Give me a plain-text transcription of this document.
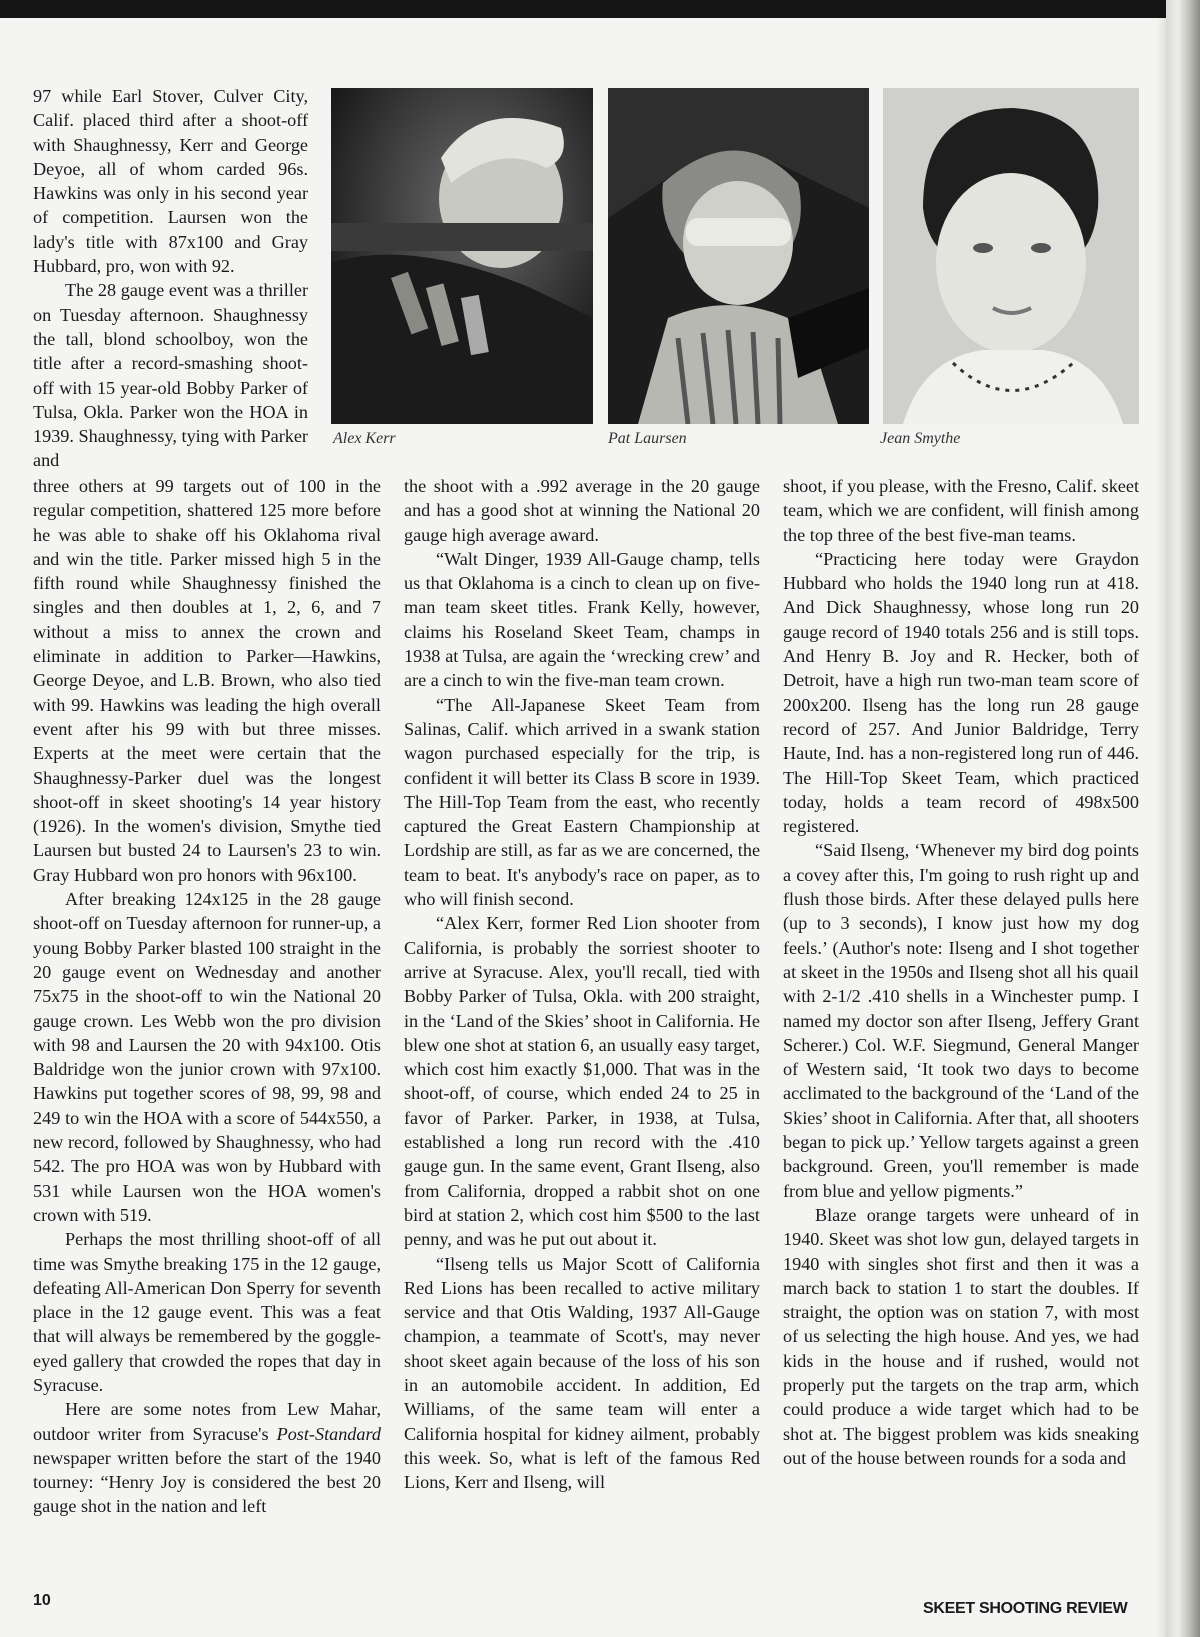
97 while Earl Stover, Culver City, Calif. placed third after a shoot-off with Shaughnessy, Kerr and George Deyoe, all of whom carded 96s. Hawkins was only in his second year of competition. Laursen won the lady's title with 87x100 and Gray Hubbard, pro, won with 92.

The 28 gauge event was a thriller on Tuesday afternoon. Shaughnessy the tall, blond schoolboy, won the title after a record-smashing shoot-off with 15 year-old Bobby Parker of Tulsa, Okla. Parker won the HOA in 1939. Shaughnessy, tying with Parker and

Alex Kerr	Pat Laursen	Jean Smythe

three others at 99 targets out of 100 in the regular competition, shattered 125 more before he was able to shake off his Oklahoma rival and win the title. Parker missed high 5 in the fifth round while Shaughnessy finished the singles and then doubles at 1, 2, 6, and 7 without a miss to annex the crown and eliminate in addition to Parker—Hawkins, George Deyoe, and L.B. Brown, who also tied with 99. Hawkins was leading the high overall event after his 99 with but three misses. Experts at the meet were certain that the Shaughnessy-Parker duel was the longest shoot-off in skeet shooting's 14 year history (1926). In the women's division, Smythe tied Laursen but busted 24 to Laursen's 23 to win. Gray Hubbard won pro honors with 96x100.

After breaking 124x125 in the 28 gauge shoot-off on Tuesday afternoon for runner-up, a young Bobby Parker blasted 100 straight in the 20 gauge event on Wednesday and another 75x75 in the shoot-off to win the National 20 gauge crown. Les Webb won the pro division with 98 and Laursen the 20 with 94x100. Otis Baldridge won the junior crown with 97x100. Hawkins put together scores of 98, 99, 98 and 249 to win the HOA with a score of 544x550, a new record, followed by Shaughnessy, who had 542. The pro HOA was won by Hubbard with 531 while Laursen won the HOA women's crown with 519.

Perhaps the most thrilling shoot-off of all time was Smythe breaking 175 in the 12 gauge, defeating All-American Don Sperry for seventh place in the 12 gauge event. This was a feat that will always be remembered by the goggle-eyed gallery that crowded the ropes that day in Syracuse.

Here are some notes from Lew Mahar, outdoor writer from Syracuse's Post-Standard newspaper written before the start of the 1940 tourney: “Henry Joy is considered the best 20 gauge shot in the nation and left

the shoot with a .992 average in the 20 gauge and has a good shot at winning the National 20 gauge high average award.

“Walt Dinger, 1939 All-Gauge champ, tells us that Oklahoma is a cinch to clean up on five-man team skeet titles. Frank Kelly, however, claims his Roseland Skeet Team, champs in 1938 at Tulsa, are again the ‘wrecking crew’ and are a cinch to win the five-man team crown.

“The All-Japanese Skeet Team from Salinas, Calif. which arrived in a swank station wagon purchased especially for the trip, is confident it will better its Class B score in 1939. The Hill-Top Team from the east, who recently captured the Great Eastern Championship at Lordship are still, as far as we are concerned, the team to beat. It's anybody's race on paper, as to who will finish second.

“Alex Kerr, former Red Lion shooter from California, is probably the sorriest shooter to arrive at Syracuse. Alex, you'll recall, tied with Bobby Parker of Tulsa, Okla. with 200 straight, in the ‘Land of the Skies’ shoot in California. He blew one shot at station 6, an usually easy target, which cost him exactly $1,000. That was in the shoot-off, of course, which ended 24 to 25 in favor of Parker. Parker, in 1938, at Tulsa, established a long run record with the .410 gauge gun. In the same event, Grant Ilseng, also from California, dropped a rabbit shot on one bird at station 2, which cost him $500 to the last penny, and was he put out about it.

“Ilseng tells us Major Scott of California Red Lions has been recalled to active military service and that Otis Walding, 1937 All-Gauge champion, a teammate of Scott's, may never shoot skeet again because of the loss of his son in an automobile accident. In addition, Ed Williams, of the same team will enter a California hospital for kidney ailment, probably this week. So, what is left of the famous Red Lions, Kerr and Ilseng, will

shoot, if you please, with the Fresno, Calif. skeet team, which we are confident, will finish among the top three of the best five-man teams.

“Practicing here today were Graydon Hubbard who holds the 1940 long run at 418. And Dick Shaughnessy, whose long run 20 gauge record of 1940 totals 256 and is still tops. And Henry B. Joy and R. Hecker, both of Detroit, have a high run two-man team score of 200x200. Ilseng has the long run 28 gauge record of 257. And Junior Baldridge, Terry Haute, Ind. has a non-registered long run of 446. The Hill-Top Skeet Team, which practiced today, holds a team record of 498x500 registered.

“Said Ilseng, ‘Whenever my bird dog points a covey after this, I'm going to rush right up and flush those birds. After these delayed pulls here (up to 3 seconds), I know just how my dog feels.’ (Author's note: Ilseng and I shot together at skeet in the 1950s and Ilseng shot all his quail with 2-1/2 .410 shells in a Winchester pump. I named my doctor son after Ilseng, Jeffery Grant Scherer.) Col. W.F. Siegmund, General Manger of Western said, ‘It took two days to become acclimated to the background of the ‘Land of the Skies’ shoot in California. After that, all shooters began to pick up.’ Yellow targets against a green background. Green, you'll remember is made from blue and yellow pigments.”

Blaze orange targets were unheard of in 1940. Skeet was shot low gun, delayed targets in 1940 with singles shot first and then it was a march back to station 1 to start the doubles. If straight, the option was on station 7, with most of us selecting the high house. And yes, we had kids in the house and if rushed, would not properly put the targets on the trap arm, which could produce a wide target which had to be shot at. The biggest problem was kids sneaking out of the house between rounds for a soda and

10	SKEET SHOOTING REVIEW
